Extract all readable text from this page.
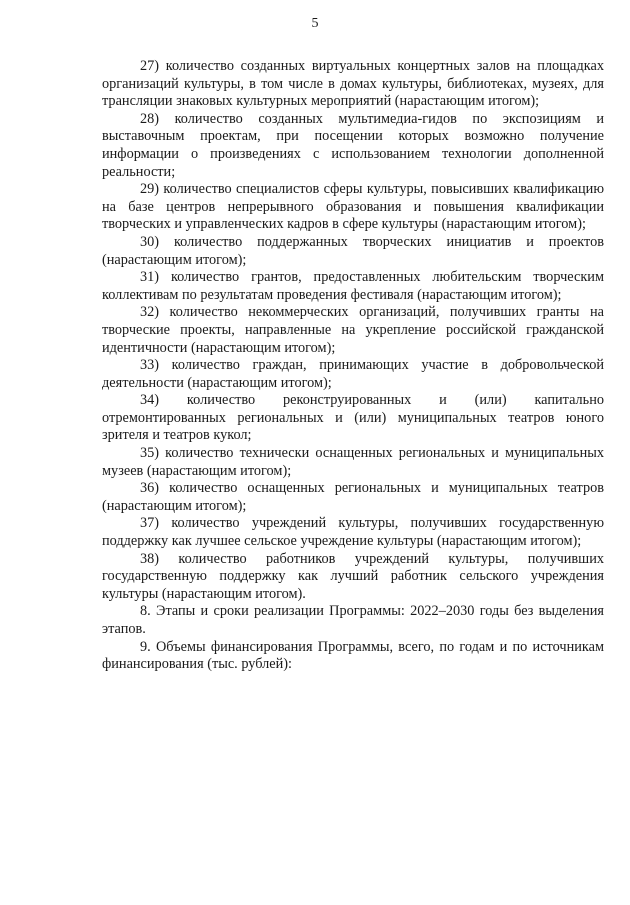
5

27) количество созданных виртуальных концертных залов на площадках организаций культуры, в том числе в домах культуры, библиотеках, музеях, для трансляции знаковых культурных мероприятий (нарастающим итогом);

28) количество созданных мультимедиа-гидов по экспозициям и выставочным проектам, при посещении которых возможно получение информации о произведениях с использованием технологии дополненной реальности;

29) количество специалистов сферы культуры, повысивших квалификацию на базе центров непрерывного образования и повышения квалификации творческих и управленческих кадров в сфере культуры (нарастающим итогом);

30) количество поддержанных творческих инициатив и проектов (нарастающим итогом);

31) количество грантов, предоставленных любительским творческим коллективам по результатам проведения фестиваля (нарастающим итогом);

32) количество некоммерческих организаций, получивших гранты на творческие проекты, направленные на укрепление российской гражданской идентичности (нарастающим итогом);

33) количество граждан, принимающих участие в добровольческой деятельности (нарастающим итогом);

34) количество реконструированных и (или) капитально отремонтированных региональных и (или) муниципальных театров юного зрителя и театров кукол;

35) количество технически оснащенных региональных и муниципальных музеев (нарастающим итогом);

36) количество оснащенных региональных и муниципальных театров (нарастающим итогом);

37) количество учреждений культуры, получивших государственную поддержку как лучшее сельское учреждение культуры (нарастающим итогом);

38) количество работников учреждений культуры, получивших государственную поддержку как лучший работник сельского учреждения культуры (нарастающим итогом).

8. Этапы и сроки реализации Программы: 2022–2030 годы без выделения этапов.

9. Объемы финансирования Программы, всего, по годам и по источникам финансирования (тыс. рублей):
